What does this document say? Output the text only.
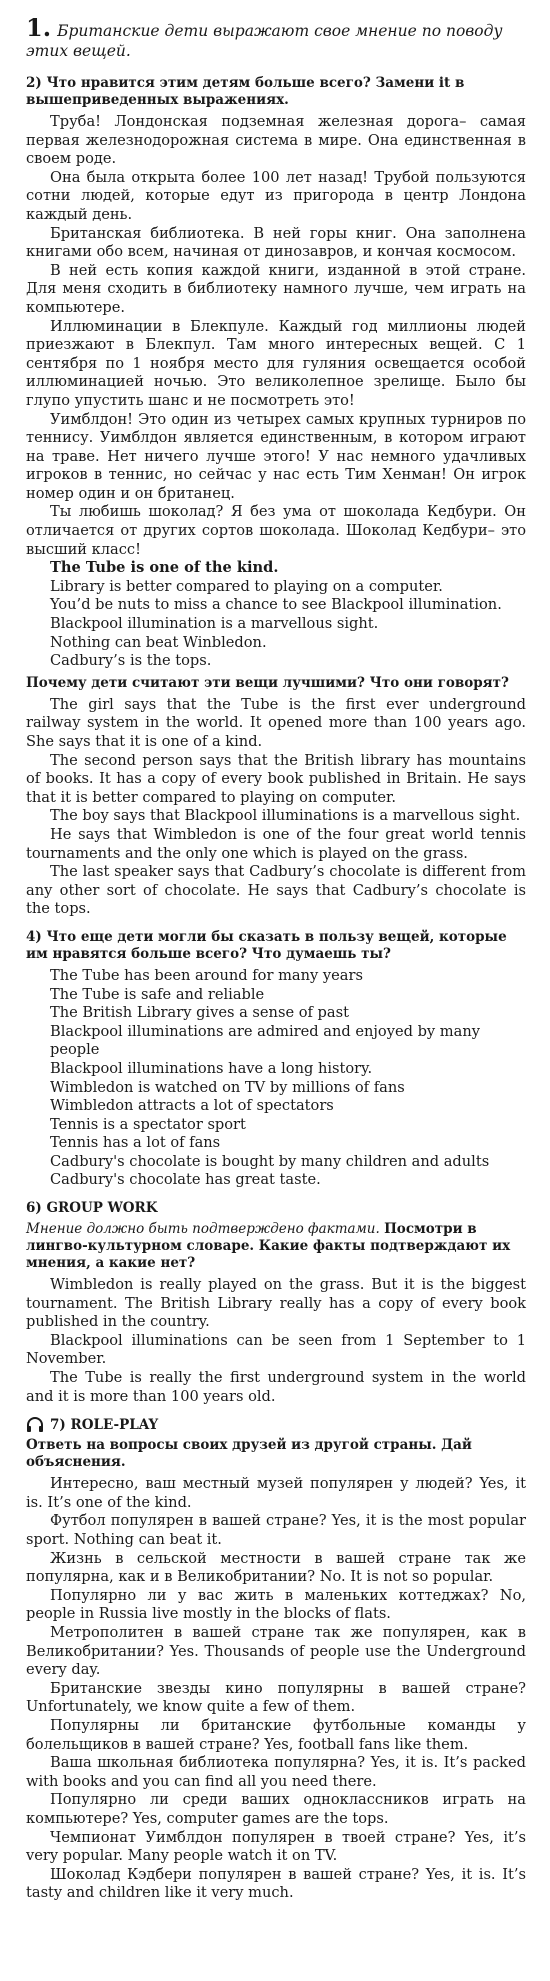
1. Британские дети выражают свое мнение по поводу этих вещей.
2) Что нравится этим детям больше всего? Замени it в вышеприведенных выражениях.

Труба! Лондонская подземная железная дорога– самая первая железнодорожная система в мире. Она единственная в своем роде.

Она была открыта более 100 лет назад! Трубой пользуются сотни людей, которые едут из пригорода в центр Лондона каждый день.

Британская библиотека. В ней горы книг. Она заполнена книгами обо всем, начиная от динозавров, и кончая космосом.

В ней есть копия каждой книги, изданной в этой стране. Для меня сходить в библиотеку намного лучше, чем играть на компьютере.

Иллюминации в Блекпуле. Каждый год миллионы людей приезжают в Блекпул. Там много интересных вещей. С 1 сентября по 1 ноября место для гуляния освещается особой иллюминацией ночью. Это великолепное зрелище. Было бы глупо упустить шанс и не посмотреть это!

Уимблдон! Это один из четырех самых крупных турниров по теннису. Уимблдон является единственным, в котором играют на траве. Нет ничего лучше этого! У нас немного удачливых игроков в теннис, но сейчас у нас есть Тим Хенман! Он игрок номер один и он британец.

Ты любишь шоколад? Я без ума от шоколада Кедбури. Он отличается от других сортов шоколада. Шоколад Кедбури– это высший класс!

The Tube is one of the kind.
Library is better compared to playing on a computer.
You’d be nuts to miss a chance to see Blackpool illumination.
Blackpool illumination is a marvellous sight.
Nothing can beat Winbledon.
Cadbury’s is the tops.
Почему дети считают эти вещи лучшими? Что они говорят?

The girl says that the Tube is the first ever underground railway system in the world. It opened more than 100 years ago. She says that it is one of a kind.

The second person says that the British library has mountains of books. It has a copy of every book published in Britain. He says that it is better compared to playing on computer.

The boy says that Blackpool illuminations is a marvellous sight.

He says that Wimbledon is one of the four great world tennis tournaments and the only one which is played on the grass.

The last speaker says that Cadbury’s chocolate is different from any other sort of chocolate. He says that Cadbury’s chocolate is the tops.

4) Что еще дети могли бы сказать в пользу вещей, которые им нравятся больше всего? Что думаешь ты?
The Tube has been around for many years
The Tube is safe and reliable
The British Library gives a sense of past
Blackpool illuminations are admired and enjoyed by many people
Blackpool illuminations have a long history.
Wimbledon is watched on TV by millions of fans
Wimbledon attracts a lot of spectators
Tennis is a spectator sport
Tennis has a lot of fans
Cadbury's chocolate is bought by many children and adults
Cadbury's chocolate has great taste.
6) GROUP WORK
Мнение должно быть подтверждено фактами. Посмотри в лингво-культурном словаре. Какие факты подтверждают их мнения, а какие нет?

Wimbledon is really played on the grass. But it is the biggest tournament. The British Library really has a copy of every book published in the country.

Blackpool illuminations can be seen from 1 September to 1 November.

The Tube is really the first underground system in the world and it is more than 100 years old.

7) ROLE-PLAY
Ответь на вопросы своих друзей из другой страны. Дай объяснения.

Интересно, ваш местный музей популярен у людей? Yes, it is. It’s one of the kind.

Футбол популярен в вашей стране? Yes, it is the most popular sport. Nothing can beat it.

Жизнь в сельской местности в вашей стране так же популярна, как и в Великобритании? No. It is not so popular.

Популярно ли у вас жить в маленьких коттеджах? No, people in Russia live mostly in the blocks of flats.

Метрополитен в вашей стране так же популярен, как в Великобритании? Yes. Thousands of people use the Underground every day.

Британские звезды кино популярны в вашей стране? Unfortunately, we know quite a few of them.

Популярны ли британские футбольные команды у болельщиков в вашей стране? Yes, football fans like them.

Ваша школьная библиотека популярна? Yes, it is. It’s packed with books and you can find all you need there.

Популярно ли среди ваших одноклассников играть на компьютере? Yes, computer games are the tops.

Чемпионат Уимблдон популярен в твоей стране? Yes, it’s very popular. Many people watch it on TV.

Шоколад Кэдбери популярен в вашей стране? Yes, it is. It’s tasty and children like it very much.
